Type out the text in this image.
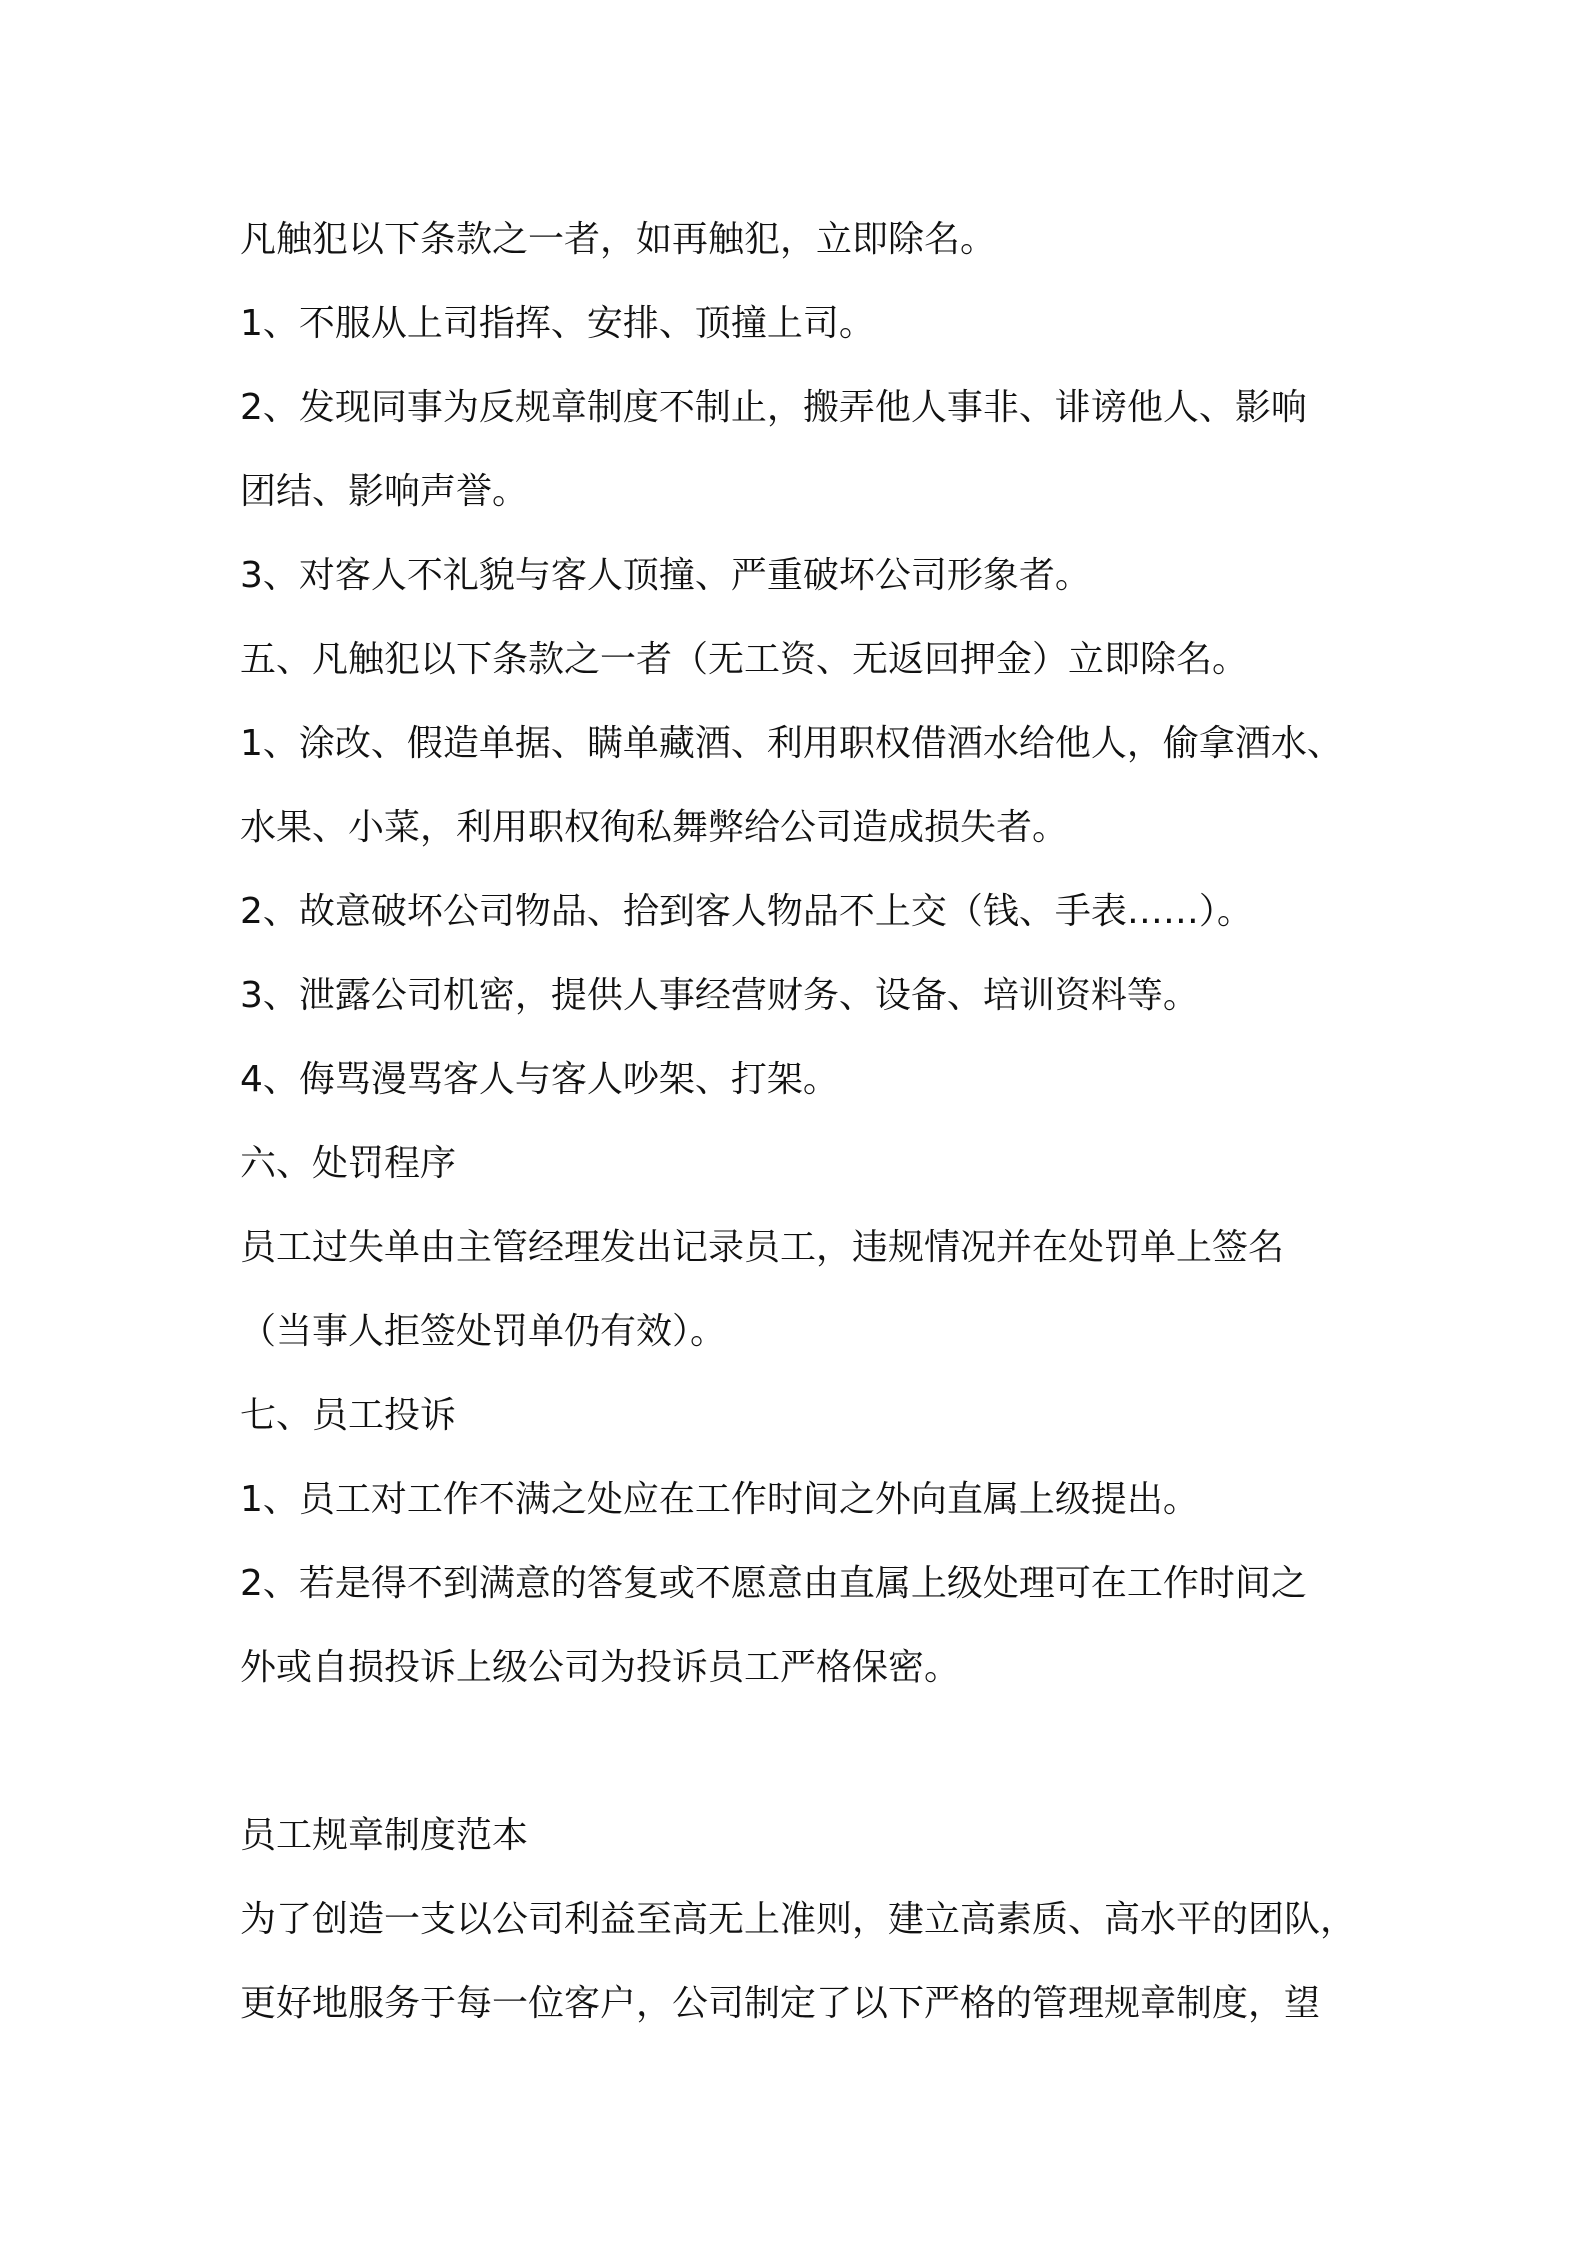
凡触犯以下条款之一者，如再触犯，立即除名。
1、不服从上司指挥、安排、顶撞上司。
2、发现同事为反规章制度不制止，搬弄他人事非、诽谤他人、影响
团结、影响声誉。
3、对客人不礼貌与客人顶撞、严重破坏公司形象者。
五、凡触犯以下条款之一者（无工资、无返回押金）立即除名。
1、涂改、假造单据、瞒单藏酒、利用职权借酒水给他人，偷拿酒水、
水果、小菜，利用职权徇私舞弊给公司造成损失者。
2、故意破坏公司物品、拾到客人物品不上交（钱、手表……）。
3、泄露公司机密，提供人事经营财务、设备、培训资料等。
4、侮骂漫骂客人与客人吵架、打架。
六、处罚程序
员工过失单由主管经理发出记录员工，违规情况并在处罚单上签名
（当事人拒签处罚单仍有效）。
七、员工投诉
1、员工对工作不满之处应在工作时间之外向直属上级提出。
2、若是得不到满意的答复或不愿意由直属上级处理可在工作时间之
外或自损投诉上级公司为投诉员工严格保密。
员工规章制度范本
为了创造一支以公司利益至高无上准则，建立高素质、高水平的团队，
更好地服务于每一位客户，公司制定了以下严格的管理规章制度，望
